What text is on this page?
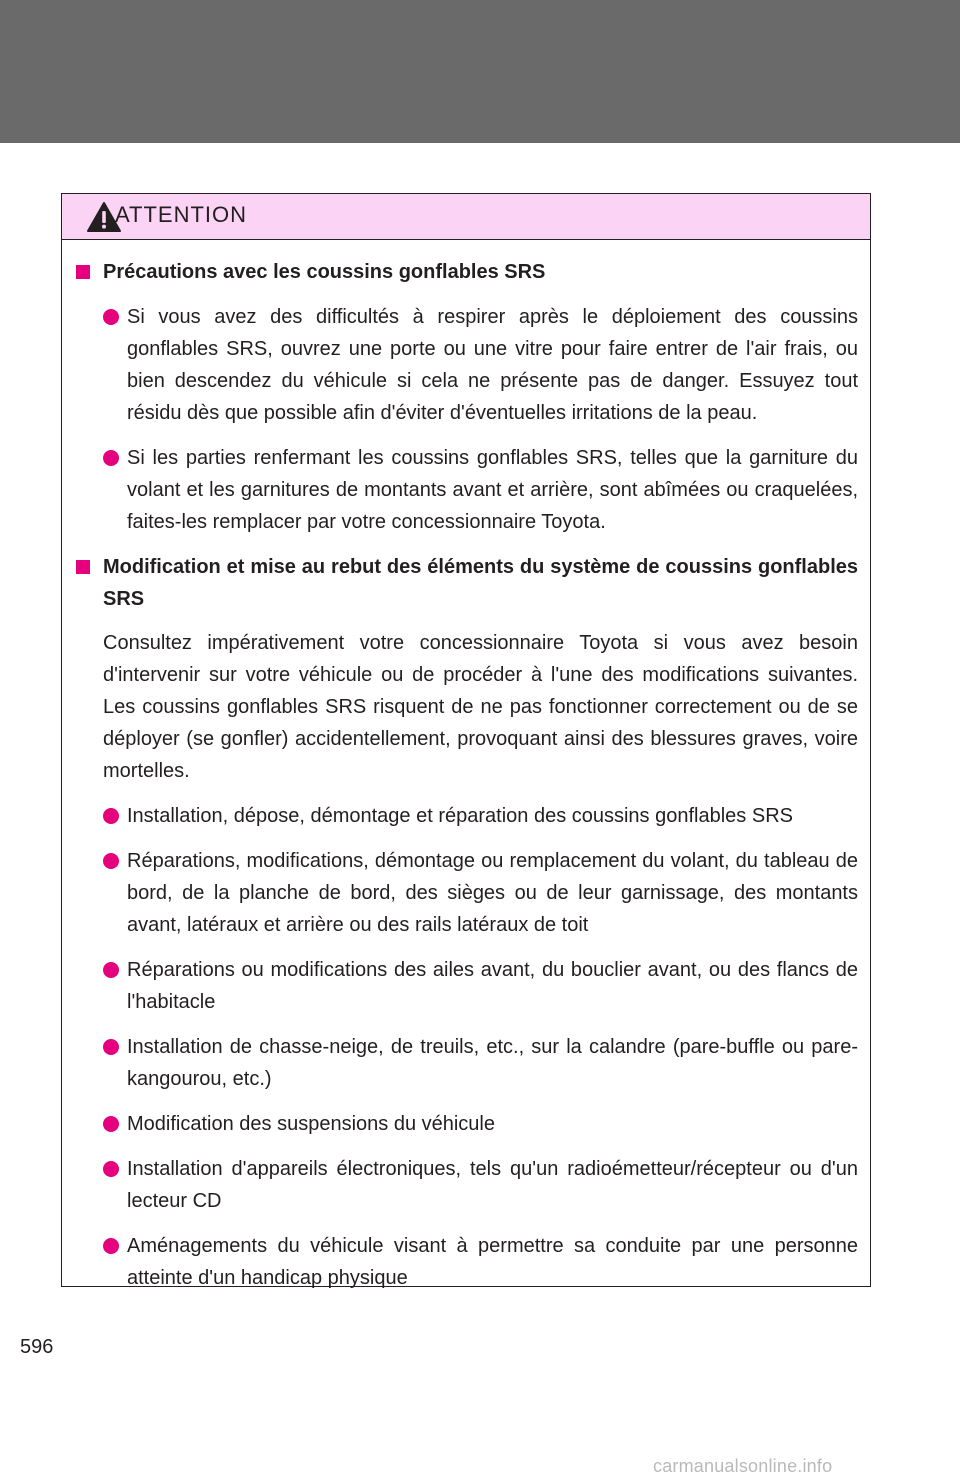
ATTENTION

Précautions avec les coussins gonflables SRS

Si vous avez des difficultés à respirer après le déploiement des coussins gonflables SRS, ouvrez une porte ou une vitre pour faire entrer de l'air frais, ou bien descendez du véhicule si cela ne présente pas de danger. Essuyez tout résidu dès que possible afin d'éviter d'éventuelles irritations de la peau.
Si les parties renfermant les coussins gonflables SRS, telles que la garniture du volant et les garnitures de montants avant et arrière, sont abîmées ou craquelées, faites-les remplacer par votre concessionnaire Toyota.

Modification et mise au rebut des éléments du système de coussins gonflables SRS

Consultez impérativement votre concessionnaire Toyota si vous avez besoin d'intervenir sur votre véhicule ou de procéder à l'une des modifications suivantes. Les coussins gonflables SRS risquent de ne pas fonctionner correctement ou de se déployer (se gonfler) accidentellement, provoquant ainsi des blessures graves, voire mortelles.

Installation, dépose, démontage et réparation des coussins gonflables SRS
Réparations, modifications, démontage ou remplacement du volant, du tableau de bord, de la planche de bord, des sièges ou de leur garnissage, des montants avant, latéraux et arrière ou des rails latéraux de toit
Réparations ou modifications des ailes avant, du bouclier avant, ou des flancs de l'habitacle
Installation de chasse-neige, de treuils, etc., sur la calandre (pare-buffle ou pare-kangourou, etc.)
Modification des suspensions du véhicule
Installation d'appareils électroniques, tels qu'un radioémetteur/récepteur ou d'un lecteur CD
Aménagements du véhicule visant à permettre sa conduite par une personne atteinte d'un handicap physique
596
carmanualsonline.info
